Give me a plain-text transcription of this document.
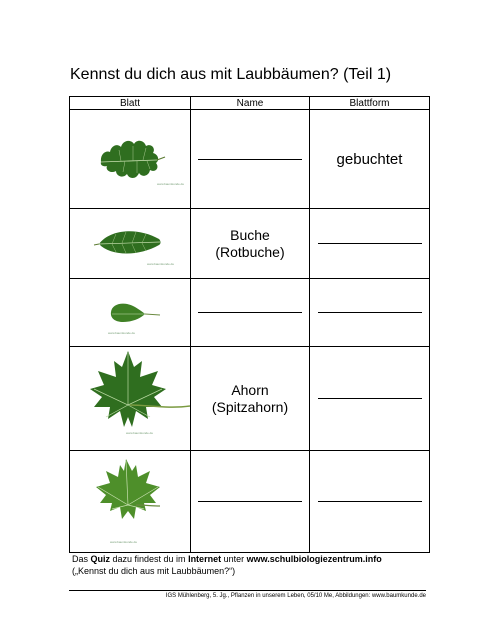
Kennst du dich aus mit Laubbäumen? (Teil 1)
Blatt	Name	Blattform

www.baumkunde.de		gebuchtet

www.baumkunde.de	Buche
(Rotbuche)	

www.baumkunde.de		

www.baumkunde.de	Ahorn
(Spitzahorn)	

www.baumkunde.de		

Das Quiz dazu findest du im Internet unter www.schulbiologiezentrum.info
(„Kennst du dich aus mit Laubbäumen?“)
IGS Mühlenberg, 5. Jg., Pflanzen in unserem Leben, 05/10 Me, Abbildungen: www.baumkunde.de
